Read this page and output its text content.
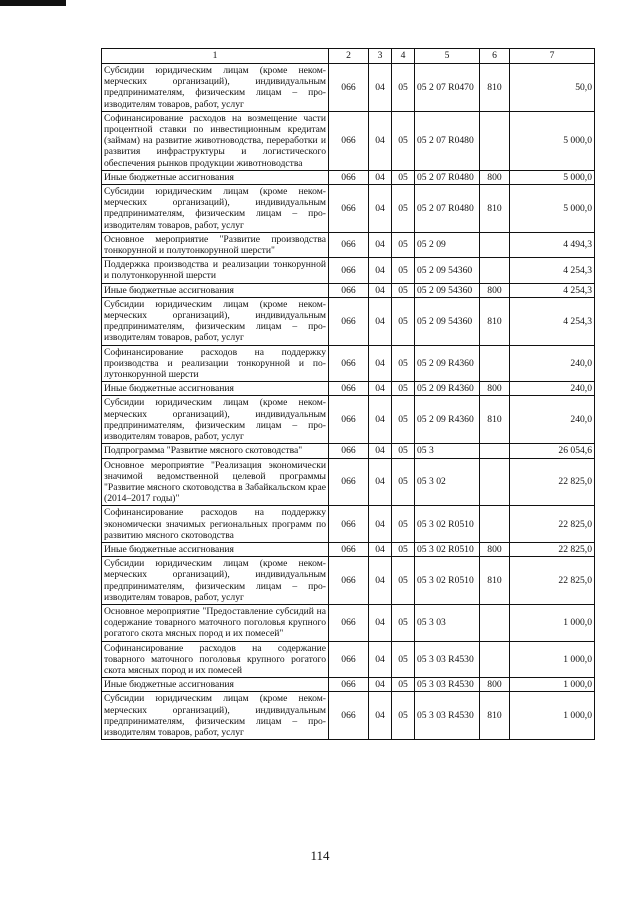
1	2	3	4	5	6	7
Субсидии юридическим лицам (кроме некоммерческих организаций), индивидуальным предпринимателям, физическим лицам – производителям товаров, работ, услуг	066	04	05	05 2 07 R0470	810	50,0
Софинансирование расходов на возмещение части процентной ставки по инвестиционным кредитам (займам) на развитие животноводства, переработки и развития инфраструктуры и логистического обеспечения рынков продукции животноводства	066	04	05	05 2 07 R0480		5 000,0
Иные бюджетные ассигнования	066	04	05	05 2 07 R0480	800	5 000,0
Субсидии юридическим лицам (кроме некоммерческих организаций), индивидуальным предпринимателям, физическим лицам – производителям товаров, работ, услуг	066	04	05	05 2 07 R0480	810	5 000,0
Основное мероприятие "Развитие производства тонкорунной и полутонкорунной шерсти"	066	04	05	05 2 09		4 494,3
Поддержка производства и реализации тонкорунной и полутонкорунной шерсти	066	04	05	05 2 09 54360		4 254,3
Иные бюджетные ассигнования	066	04	05	05 2 09 54360	800	4 254,3
Субсидии юридическим лицам (кроме некоммерческих организаций), индивидуальным предпринимателям, физическим лицам – производителям товаров, работ, услуг	066	04	05	05 2 09 54360	810	4 254,3
Софинансирование расходов на поддержку производства и реализации тонкорунной и полутонкорунной шерсти	066	04	05	05 2 09 R4360		240,0
Иные бюджетные ассигнования	066	04	05	05 2 09 R4360	800	240,0
Субсидии юридическим лицам (кроме некоммерческих организаций), индивидуальным предпринимателям, физическим лицам – производителям товаров, работ, услуг	066	04	05	05 2 09 R4360	810	240,0
Подпрограмма "Развитие мясного скотоводства"	066	04	05	05 3		26 054,6
Основное мероприятие "Реализация экономически значимой ведомственной целевой программы "Развитие мясного скотоводства в Забайкальском крае (2014–2017 годы)"	066	04	05	05 3 02		22 825,0
Софинансирование расходов на поддержку экономически значимых региональных программ по развитию мясного скотоводства	066	04	05	05 3 02 R0510		22 825,0
Иные бюджетные ассигнования	066	04	05	05 3 02 R0510	800	22 825,0
Субсидии юридическим лицам (кроме некоммерческих организаций), индивидуальным предпринимателям, физическим лицам – производителям товаров, работ, услуг	066	04	05	05 3 02 R0510	810	22 825,0
Основное мероприятие "Предоставление субсидий на содержание товарного маточного поголовья крупного рогатого скота мясных пород и их помесей"	066	04	05	05 3 03		1 000,0
Софинансирование расходов на содержание товарного маточного поголовья крупного рогатого скота мясных пород и их помесей	066	04	05	05 3 03 R4530		1 000,0
Иные бюджетные ассигнования	066	04	05	05 3 03 R4530	800	1 000,0
Субсидии юридическим лицам (кроме некоммерческих организаций), индивидуальным предпринимателям, физическим лицам – производителям товаров, работ, услуг	066	04	05	05 3 03 R4530	810	1 000,0
114
